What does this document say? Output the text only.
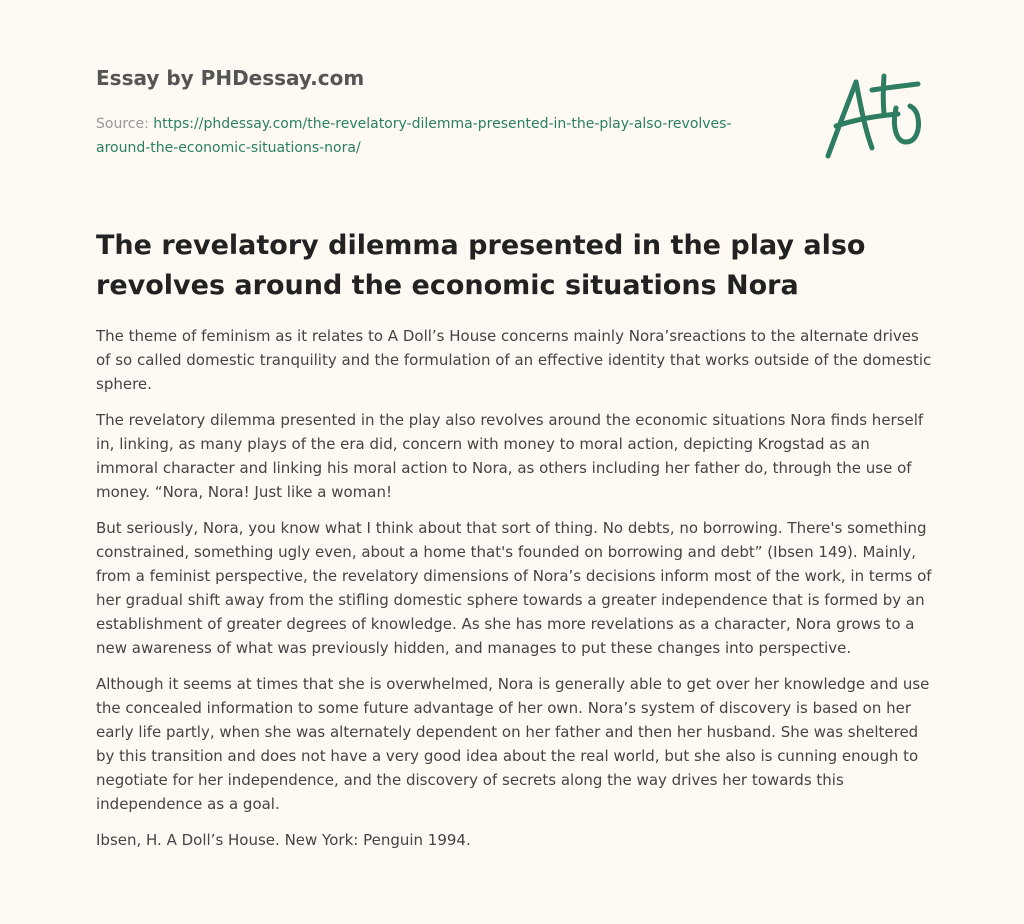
Essay by PHDessay.com

Source: https://phdessay.com/the-revelatory-dilemma-presented-in-the-play-also-revolves-around-the-economic-situations-nora/
The revelatory dilemma presented in the play also revolves around the economic situations Nora

The theme of feminism as it relates to A Doll’s House concerns mainly Nora’sreactions to the alternate drives of so called domestic tranquility and the formulation of an effective identity that works outside of the domestic sphere.

The revelatory dilemma presented in the play also revolves around the economic situations Nora finds herself in, linking, as many plays of the era did, concern with money to moral action, depicting Krogstad as an immoral character and linking his moral action to Nora, as others including her father do, through the use of money. “Nora, Nora! Just like a woman!

But seriously, Nora, you know what I think about that sort of thing. No debts, no borrowing. There's something constrained, something ugly even, about a home that's founded on borrowing and debt” (Ibsen 149). Mainly, from a feminist perspective, the revelatory dimensions of Nora’s decisions inform most of the work, in terms of her gradual shift away from the stifling domestic sphere towards a greater independence that is formed by an establishment of greater degrees of knowledge. As she has more revelations as a character, Nora grows to a new awareness of what was previously hidden, and manages to put these changes into perspective.

Although it seems at times that she is overwhelmed, Nora is generally able to get over her knowledge and use the concealed information to some future advantage of her own. Nora’s system of discovery is based on her early life partly, when she was alternately dependent on her father and then her husband. She was sheltered by this transition and does not have a very good idea about the real world, but she also is cunning enough to negotiate for her independence, and the discovery of secrets along the way drives her towards this independence as a goal.

Ibsen, H. A Doll’s House. New York: Penguin 1994.
